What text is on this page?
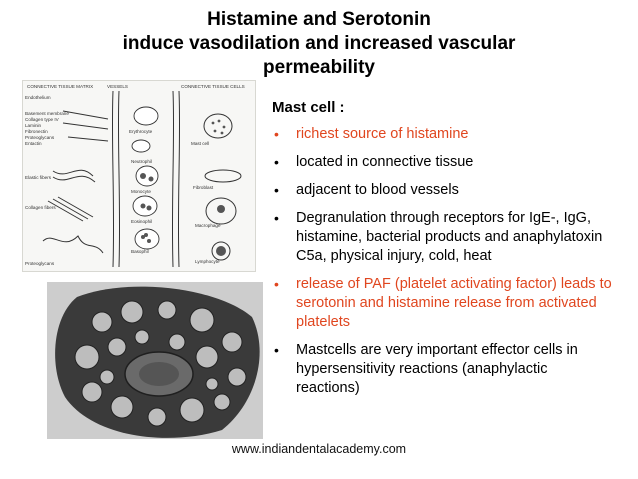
Histamine and Serotonin
induce vasodilation and increased vascular
permeability
CONNECTIVE TISSUE MATRIX	VESSELS	CONNECTIVE TISSUE CELLS
Endothelium
Basement membrane
Collagen type IV
Laminin
Fibronectin
Proteoglycans
Entactin
Elastic fibers
Collagen fibers
Proteoglycans
Mast cell
Fibroblast
Macrophage
Lymphocyte
Erythrocyte
Neutrophil
Monocyte
Eosinophil
Basophil

Mast cell :

• richest source of histamine
• located in connective tissue
• adjacent to blood vessels
• Degranulation through receptors for IgE-, IgG, histamine, bacterial products and anaphylatoxin C5a, physical injury, cold, heat
• release of PAF (platelet activating factor) leads to serotonin and histamine release from activated platelets
• Mastcells are very important effector cells in hypersensitivity reactions (anaphylactic reactions)
www.indiandentalacademy.com
